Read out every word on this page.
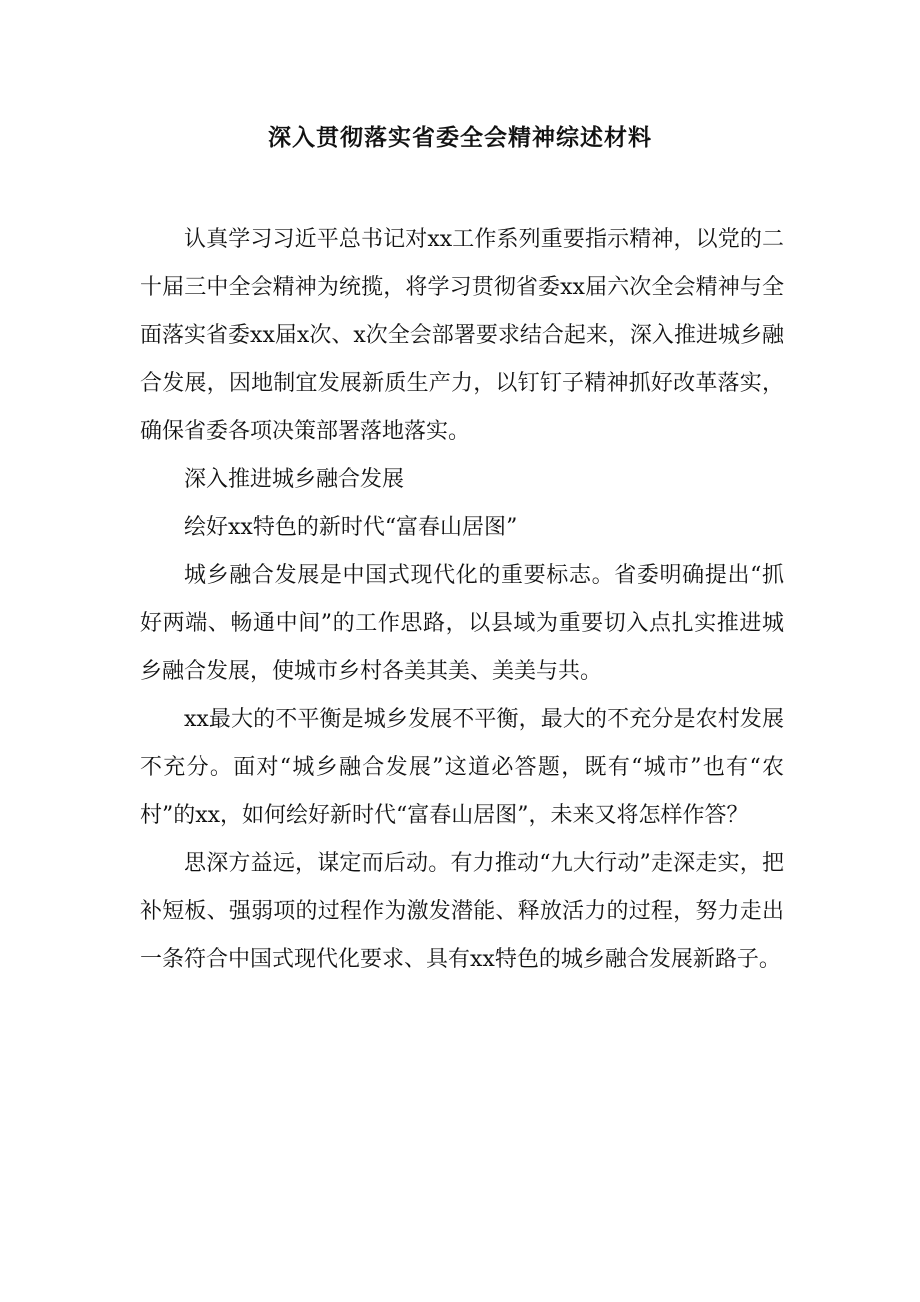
深入贯彻落实省委全会精神综述材料

认真学习习近平总书记对xx工作系列重要指示精神，以党的二十届三中全会精神为统揽，将学习贯彻省委xx届六次全会精神与全面落实省委xx届x次、x次全会部署要求结合起来，深入推进城乡融合发展，因地制宜发展新质生产力，以钉钉子精神抓好改革落实，确保省委各项决策部署落地落实。

深入推进城乡融合发展

绘好xx特色的新时代“富春山居图”

城乡融合发展是中国式现代化的重要标志。省委明确提出“抓好两端、畅通中间”的工作思路，以县域为重要切入点扎实推进城乡融合发展，使城市乡村各美其美、美美与共。

xx最大的不平衡是城乡发展不平衡，最大的不充分是农村发展不充分。面对“城乡融合发展”这道必答题，既有“城市”也有“农村”的xx，如何绘好新时代“富春山居图”，未来又将怎样作答？

思深方益远，谋定而后动。有力推动“九大行动”走深走实，把补短板、强弱项的过程作为激发潜能、释放活力的过程，努力走出一条符合中国式现代化要求、具有xx特色的城乡融合发展新路子。
